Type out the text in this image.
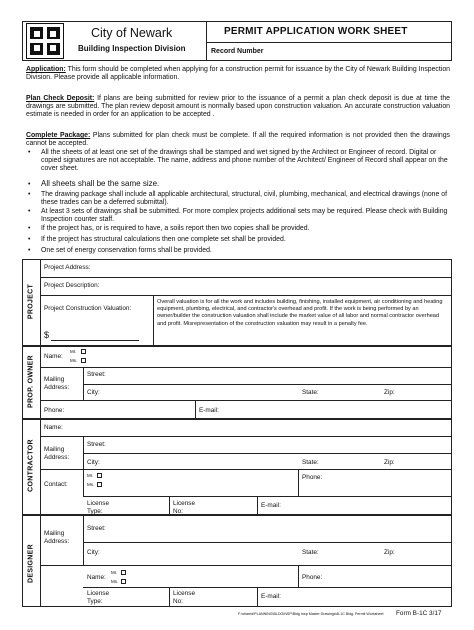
City of Newark
Building Inspection Division
PERMIT APPLICATION WORK SHEET
Record Number
Application: This form should be completed when applying for a construction permit for issuance by the City of Newark Building Inspection Division. Please provide all applicable information.
Plan Check Deposit: If plans are being submitted for review prior to the issuance of a permit a plan check deposit is due at time the drawings are submitted. The plan review deposit amount is normally based upon construction valuation. An accurate construction valuation estimate is needed in order for an application to be accepted .
Complete Package: Plans submitted for plan check must be complete. If all the required information is not provided then the drawings cannot be accepted.
• All the sheets of at least one set of the drawings shall be stamped and wet signed by the Architect or Engineer of record. Digital or copied signatures are not acceptable. The name, address and phone number of the Architect/ Engineer of Record shall appear on the cover sheet.
• All sheets shall be the same size.
• The drawing package shall include all applicable architectural, structural, civil, plumbing, mechanical, and electrical drawings (none of these trades can be a deferred submittal).
• At least 3 sets of drawings shall be submitted. For more complex projects additional sets may be required. Please check with Building Inspection counter staff.
• If the project has, or is required to have, a soils report then two copies shall be provided.
• If the project has structural calculations then one complete set shall be provided.
• One set of energy conservation forms shall be provided.
PROJECT
Project Address:
Project Description:
Project Construction Valuation:
$
Overall valuation is for all the work and includes building, finishing, installed equipment, air conditioning and heating equipment, plumbing, electrical, and contractor's overhead and profit. If the work is being performed by an owner/builder the construction valuation shall include the market value of all labor and normal contractor overhead and profit. Misrepresentation of the construction valuation may result in a penalty fee.
PROP. OWNER Name:
Mr.
Ms.
Mailing Address:
Street:
City:	State:	Zip:
Phone:	E-mail:
CONTRACTOR
Name:
Mailing Address:
Street:
City:	State:	Zip:
Contact:
Mr.
Ms.
Phone:
License Type:
License No:
E-mail:
DESIGNER
Mailing Address:
Street:
City:	State:	Zip:
Name:
Mr.
Ms.
Phone:
License Type:
License No:
E-mail:
F:\shared\PLANNING\BLDGINSP\Bldg Insp Master Drawings\B-1C Bldg. Permit Worksheet Form B-1C 3/17
